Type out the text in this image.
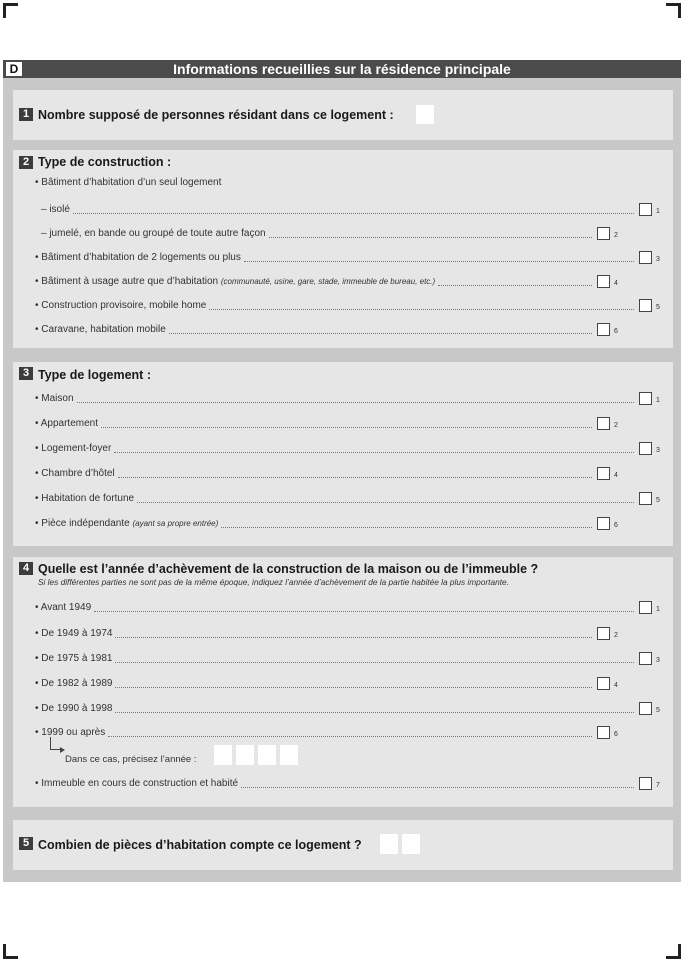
D	Informations recueillies sur la résidence principale
1 Nombre supposé de personnes résidant dans ce logement :
2 Type de construction :
• Bâtiment d’habitation d’un seul logement
– isolé	1
– jumelé, en bande ou groupé de toute autre façon	2
• Bâtiment d’habitation de 2 logements ou plus	3
• Bâtiment à usage autre que d’habitation (communauté, usine, gare, stade, immeuble de bureau, etc.)	4
• Construction provisoire, mobile home	5
• Caravane, habitation mobile	6
3 Type de logement :
• Maison	1
• Appartement	2
• Logement-foyer	3
• Chambre d’hôtel	4
• Habitation de fortune	5
• Pièce indépendante (ayant sa propre entrée)	6
4 Quelle est l’année d’achèvement de la construction de la maison ou de l’immeuble ?
Si les différentes parties ne sont pas de la même époque, indiquez l’année d’achèvement de la partie habitée la plus importante.
• Avant 1949	1
• De 1949 à 1974	2
• De 1975 à 1981	3
• De 1982 à 1989	4
• De 1990 à 1998	5
• 1999 ou après	6
Dans ce cas, précisez l’année :
• Immeuble en cours de construction et habité	7
5 Combien de pièces d’habitation compte ce logement ?
